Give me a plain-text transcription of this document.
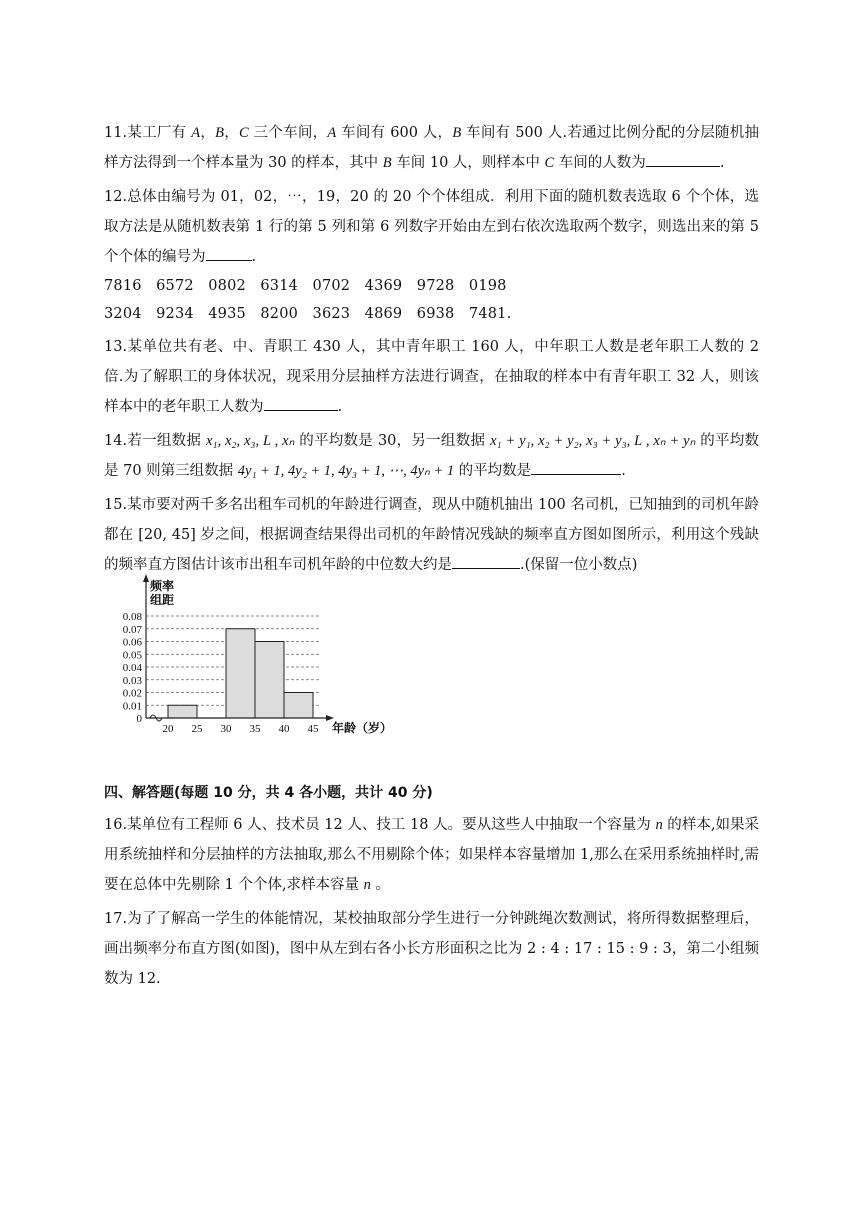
11.某工厂有 A，B，C 三个车间，A 车间有 600 人，B 车间有 500 人.若通过比例分配的分层随机抽样方法得到一个样本量为 30 的样本，其中 B 车间 10 人，则样本中 C 车间的人数为	.
12.总体由编号为 01，02，⋯，19，20 的 20 个个体组成．利用下面的随机数表选取 6 个个体，选取方法是从随机数表第 1 行的第 5 列和第 6 列数字开始由左到右依次选取两个数字，则选出来的第 5 个个体的编号为	.
7816   6572   0802   6314   0702   4369   9728   0198
3204   9234   4935   8200   3623   4869   6938   7481.
13.某单位共有老、中、青职工 430 人，其中青年职工 160 人，中年职工人数是老年职工人数的 2 倍.为了解职工的身体状况，现采用分层抽样方法进行调查，在抽取的样本中有青年职工 32 人，则该样本中的老年职工人数为	.
14.若一组数据 x₁, x₂, x₃, L , xₙ 的平均数是 30，另一组数据 x₁ + y₁, x₂ + y₂, x₃ + y₃, L , xₙ + yₙ 的平均数是 70 则第三组数据 4y₁ + 1, 4y₂ + 1, 4y₃ + 1, ⋯, 4yₙ + 1 的平均数是	.
15.某市要对两千多名出租车司机的年龄进行调查，现从中随机抽出 100 名司机，已知抽到的司机年龄都在 [20, 45] 岁之间，根据调查结果得出司机的年龄情况残缺的频率直方图如图所示，利用这个残缺的频率直方图估计该市出租车司机年龄的中位数大约是	.(保留一位小数点)
四、解答题(每题 10 分，共 4 各小题，共计 40 分)
16.某单位有工程师 6 人、技术员 12 人、技工 18 人。要从这些人中抽取一个容量为 n 的样本,如果采用系统抽样和分层抽样的方法抽取,那么不用剔除个体；如果样本容量增加 1,那么在采用系统抽样时,需要在总体中先剔除 1 个个体,求样本容量 n 。
17.为了了解高一学生的体能情况，某校抽取部分学生进行一分钟跳绳次数测试，将所得数据整理后，画出频率分布直方图(如图)，图中从左到右各小长方形面积之比为 2 : 4 : 17 : 15 : 9 : 3，第二小组频数为 12.
0.08
0.07
0.06
0.05
0.04
0.03
0.02
0.01
0
20 25 30 35 40 45
频率
组距
年龄（岁）
